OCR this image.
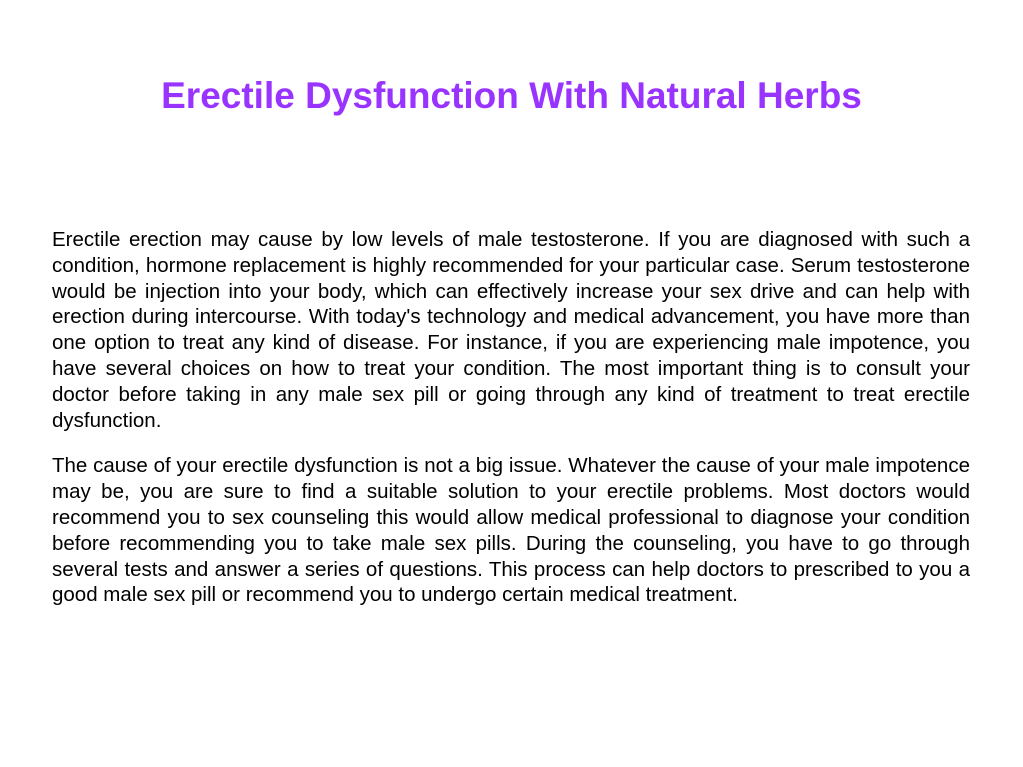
Erectile Dysfunction With Natural Herbs

Erectile erection may cause by low levels of male testosterone. If you are diagnosed with such a condition, hormone replacement is highly recommended for your particular case. Serum testosterone would be injection into your body, which can effectively increase your sex drive and can help with erection during intercourse. With today's technology and medical advancement, you have more than one option to treat any kind of disease. For instance, if you are experiencing male impotence, you have several choices on how to treat your condition. The most important thing is to consult your doctor before taking in any male sex pill or going through any kind of treatment to treat erectile dysfunction.

The cause of your erectile dysfunction is not a big issue. Whatever the cause of your male impotence may be, you are sure to find a suitable solution to your erectile problems. Most doctors would recommend you to sex counseling this would allow medical professional to diagnose your condition before recommending you to take male sex pills. During the counseling, you have to go through several tests and answer a series of questions. This process can help doctors to prescribed to you a good male sex pill or recommend you to undergo certain medical treatment.
